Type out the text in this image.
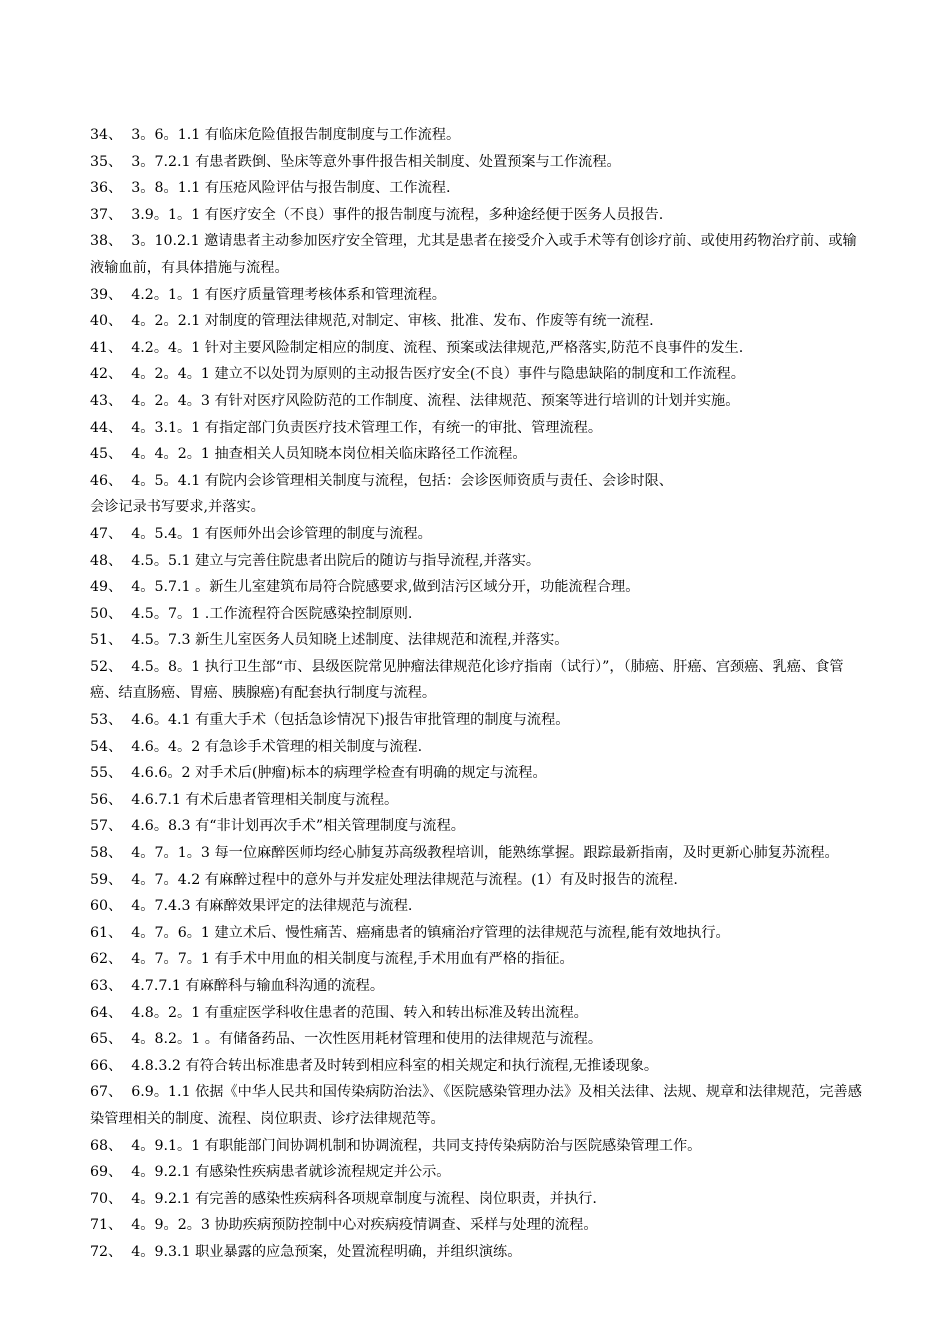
34、  3。6。1.1 有临床危险值报告制度制度与工作流程。

35、  3。7.2.1 有患者跌倒、坠床等意外事件报告相关制度、处置预案与工作流程。

36、  3。8。1.1 有压疮风险评估与报告制度、工作流程.

37、  3.9。1。1 有医疗安全（不良）事件的报告制度与流程，多种途经便于医务人员报告.

38、  3。10.2.1 邀请患者主动参加医疗安全管理，尤其是患者在接受介入或手术等有创诊疗前、或使用药物治疗前、或输液输血前，有具体措施与流程。

39、  4.2。1。1 有医疗质量管理考核体系和管理流程。

40、  4。2。2.1 对制度的管理法律规范,对制定、审核、批准、发布、作废等有统一流程.

41、  4.2。4。1 针对主要风险制定相应的制度、流程、预案或法律规范,严格落实,防范不良事件的发生.

42、  4。2。4。1 建立不以处罚为原则的主动报告医疗安全(不良）事件与隐患缺陷的制度和工作流程。

43、  4。2。4。3 有针对医疗风险防范的工作制度、流程、法律规范、预案等进行培训的计划并实施。

44、  4。3.1。1 有指定部门负责医疗技术管理工作，有统一的审批、管理流程。

45、  4。4。2。1 抽查相关人员知晓本岗位相关临床路径工作流程。

46、  4。5。4.1 有院内会诊管理相关制度与流程，包括：会诊医师资质与责任、会诊时限、
会诊记录书写要求,并落实。

47、  4。5.4。1 有医师外出会诊管理的制度与流程。

48、  4.5。5.1 建立与完善住院患者出院后的随访与指导流程,并落实。

49、  4。5.7.1 。新生儿室建筑布局符合院感要求,做到洁污区域分开，功能流程合理。

50、  4.5。7。1 .工作流程符合医院感染控制原则.

51、  4.5。7.3 新生儿室医务人员知晓上述制度、法律规范和流程,并落实。

52、  4.5。8。1 执行卫生部“市、县级医院常见肿瘤法律规范化诊疗指南（试行）”，（肺癌、肝癌、宫颈癌、乳癌、食管癌、结直肠癌、胃癌、胰腺癌)有配套执行制度与流程。

53、  4.6。4.1 有重大手术（包括急诊情况下)报告审批管理的制度与流程。

54、  4.6。4。2 有急诊手术管理的相关制度与流程.

55、  4.6.6。2 对手术后(肿瘤)标本的病理学检查有明确的规定与流程。

56、  4.6.7.1 有术后患者管理相关制度与流程。

57、  4.6。8.3 有“非计划再次手术”相关管理制度与流程。

58、  4。7。1。3 每一位麻醉医师均经心肺复苏高级教程培训，能熟练掌握。跟踪最新指南，及时更新心肺复苏流程。

59、  4。7。4.2 有麻醉过程中的意外与并发症处理法律规范与流程。(1）有及时报告的流程.

60、  4。7.4.3 有麻醉效果评定的法律规范与流程.

61、  4。7。6。1 建立术后、慢性痛苦、癌痛患者的镇痛治疗管理的法律规范与流程,能有效地执行。

62、  4。7。7。1 有手术中用血的相关制度与流程,手术用血有严格的指征。

63、  4.7.7.1 有麻醉科与输血科沟通的流程。

64、  4.8。2。1 有重症医学科收住患者的范围、转入和转出标准及转出流程。

65、  4。8.2。1 。有储备药品、一次性医用耗材管理和使用的法律规范与流程。

66、  4.8.3.2 有符合转出标准患者及时转到相应科室的相关规定和执行流程,无推诿现象。

67、  6.9。1.1 依据《中华人民共和国传染病防治法》、《医院感染管理办法》及相关法律、法规、规章和法律规范，完善感染管理相关的制度、流程、岗位职责、诊疗法律规范等。

68、  4。9.1。1 有职能部门间协调机制和协调流程，共同支持传染病防治与医院感染管理工作。

69、  4。9.2.1 有感染性疾病患者就诊流程规定并公示。

70、  4。9.2.1 有完善的感染性疾病科各项规章制度与流程、岗位职责，并执行.

71、  4。9。2。3 协助疾病预防控制中心对疾病疫情调查、采样与处理的流程。

72、  4。9.3.1 职业暴露的应急预案，处置流程明确，并组织演练。
